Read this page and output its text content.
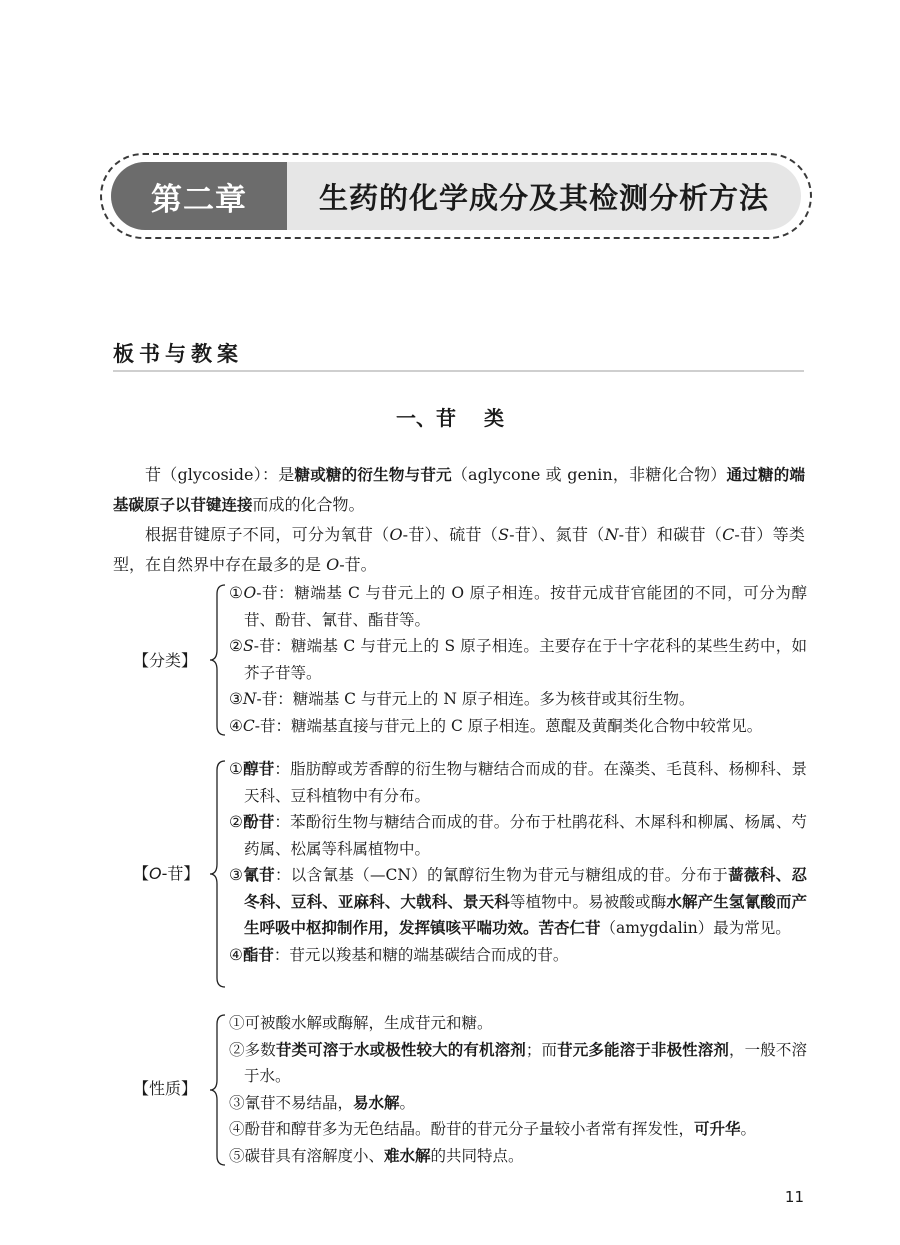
第二章	生药的化学成分及其检测分析方法
板书与教案
一、苷 类
苷（glycoside）：是糖或糖的衍生物与苷元（aglycone 或 genin，非糖化合物）通过糖的端基碳原子以苷键连接而成的化合物。
根据苷键原子不同，可分为氧苷（O-苷）、硫苷（S-苷）、氮苷（N-苷）和碳苷（C-苷）等类型，在自然界中存在最多的是 O-苷。
【分类】
①O-苷：糖端基 C 与苷元上的 O 原子相连。按苷元成苷官能团的不同，可分为醇苷、酚苷、氰苷、酯苷等。
②S-苷：糖端基 C 与苷元上的 S 原子相连。主要存在于十字花科的某些生药中，如芥子苷等。
③N-苷：糖端基 C 与苷元上的 N 原子相连。多为核苷或其衍生物。
④C-苷：糖端基直接与苷元上的 C 原子相连。蒽醌及黄酮类化合物中较常见。
【O-苷】
①醇苷：脂肪醇或芳香醇的衍生物与糖结合而成的苷。在藻类、毛茛科、杨柳科、景天科、豆科植物中有分布。
②酚苷：苯酚衍生物与糖结合而成的苷。分布于杜鹃花科、木犀科和柳属、杨属、芍药属、松属等科属植物中。
③氰苷：以含氰基（—CN）的氰醇衍生物为苷元与糖组成的苷。分布于蔷薇科、忍冬科、豆科、亚麻科、大戟科、景天科等植物中。易被酸或酶水解产生氢氰酸而产生呼吸中枢抑制作用，发挥镇咳平喘功效。苦杏仁苷（amygdalin）最为常见。
④酯苷：苷元以羧基和糖的端基碳结合而成的苷。
【性质】
①可被酸水解或酶解，生成苷元和糖。
②多数苷类可溶于水或极性较大的有机溶剂；而苷元多能溶于非极性溶剂，一般不溶于水。
③氰苷不易结晶，易水解。
④酚苷和醇苷多为无色结晶。酚苷的苷元分子量较小者常有挥发性，可升华。
⑤碳苷具有溶解度小、难水解的共同特点。
11
